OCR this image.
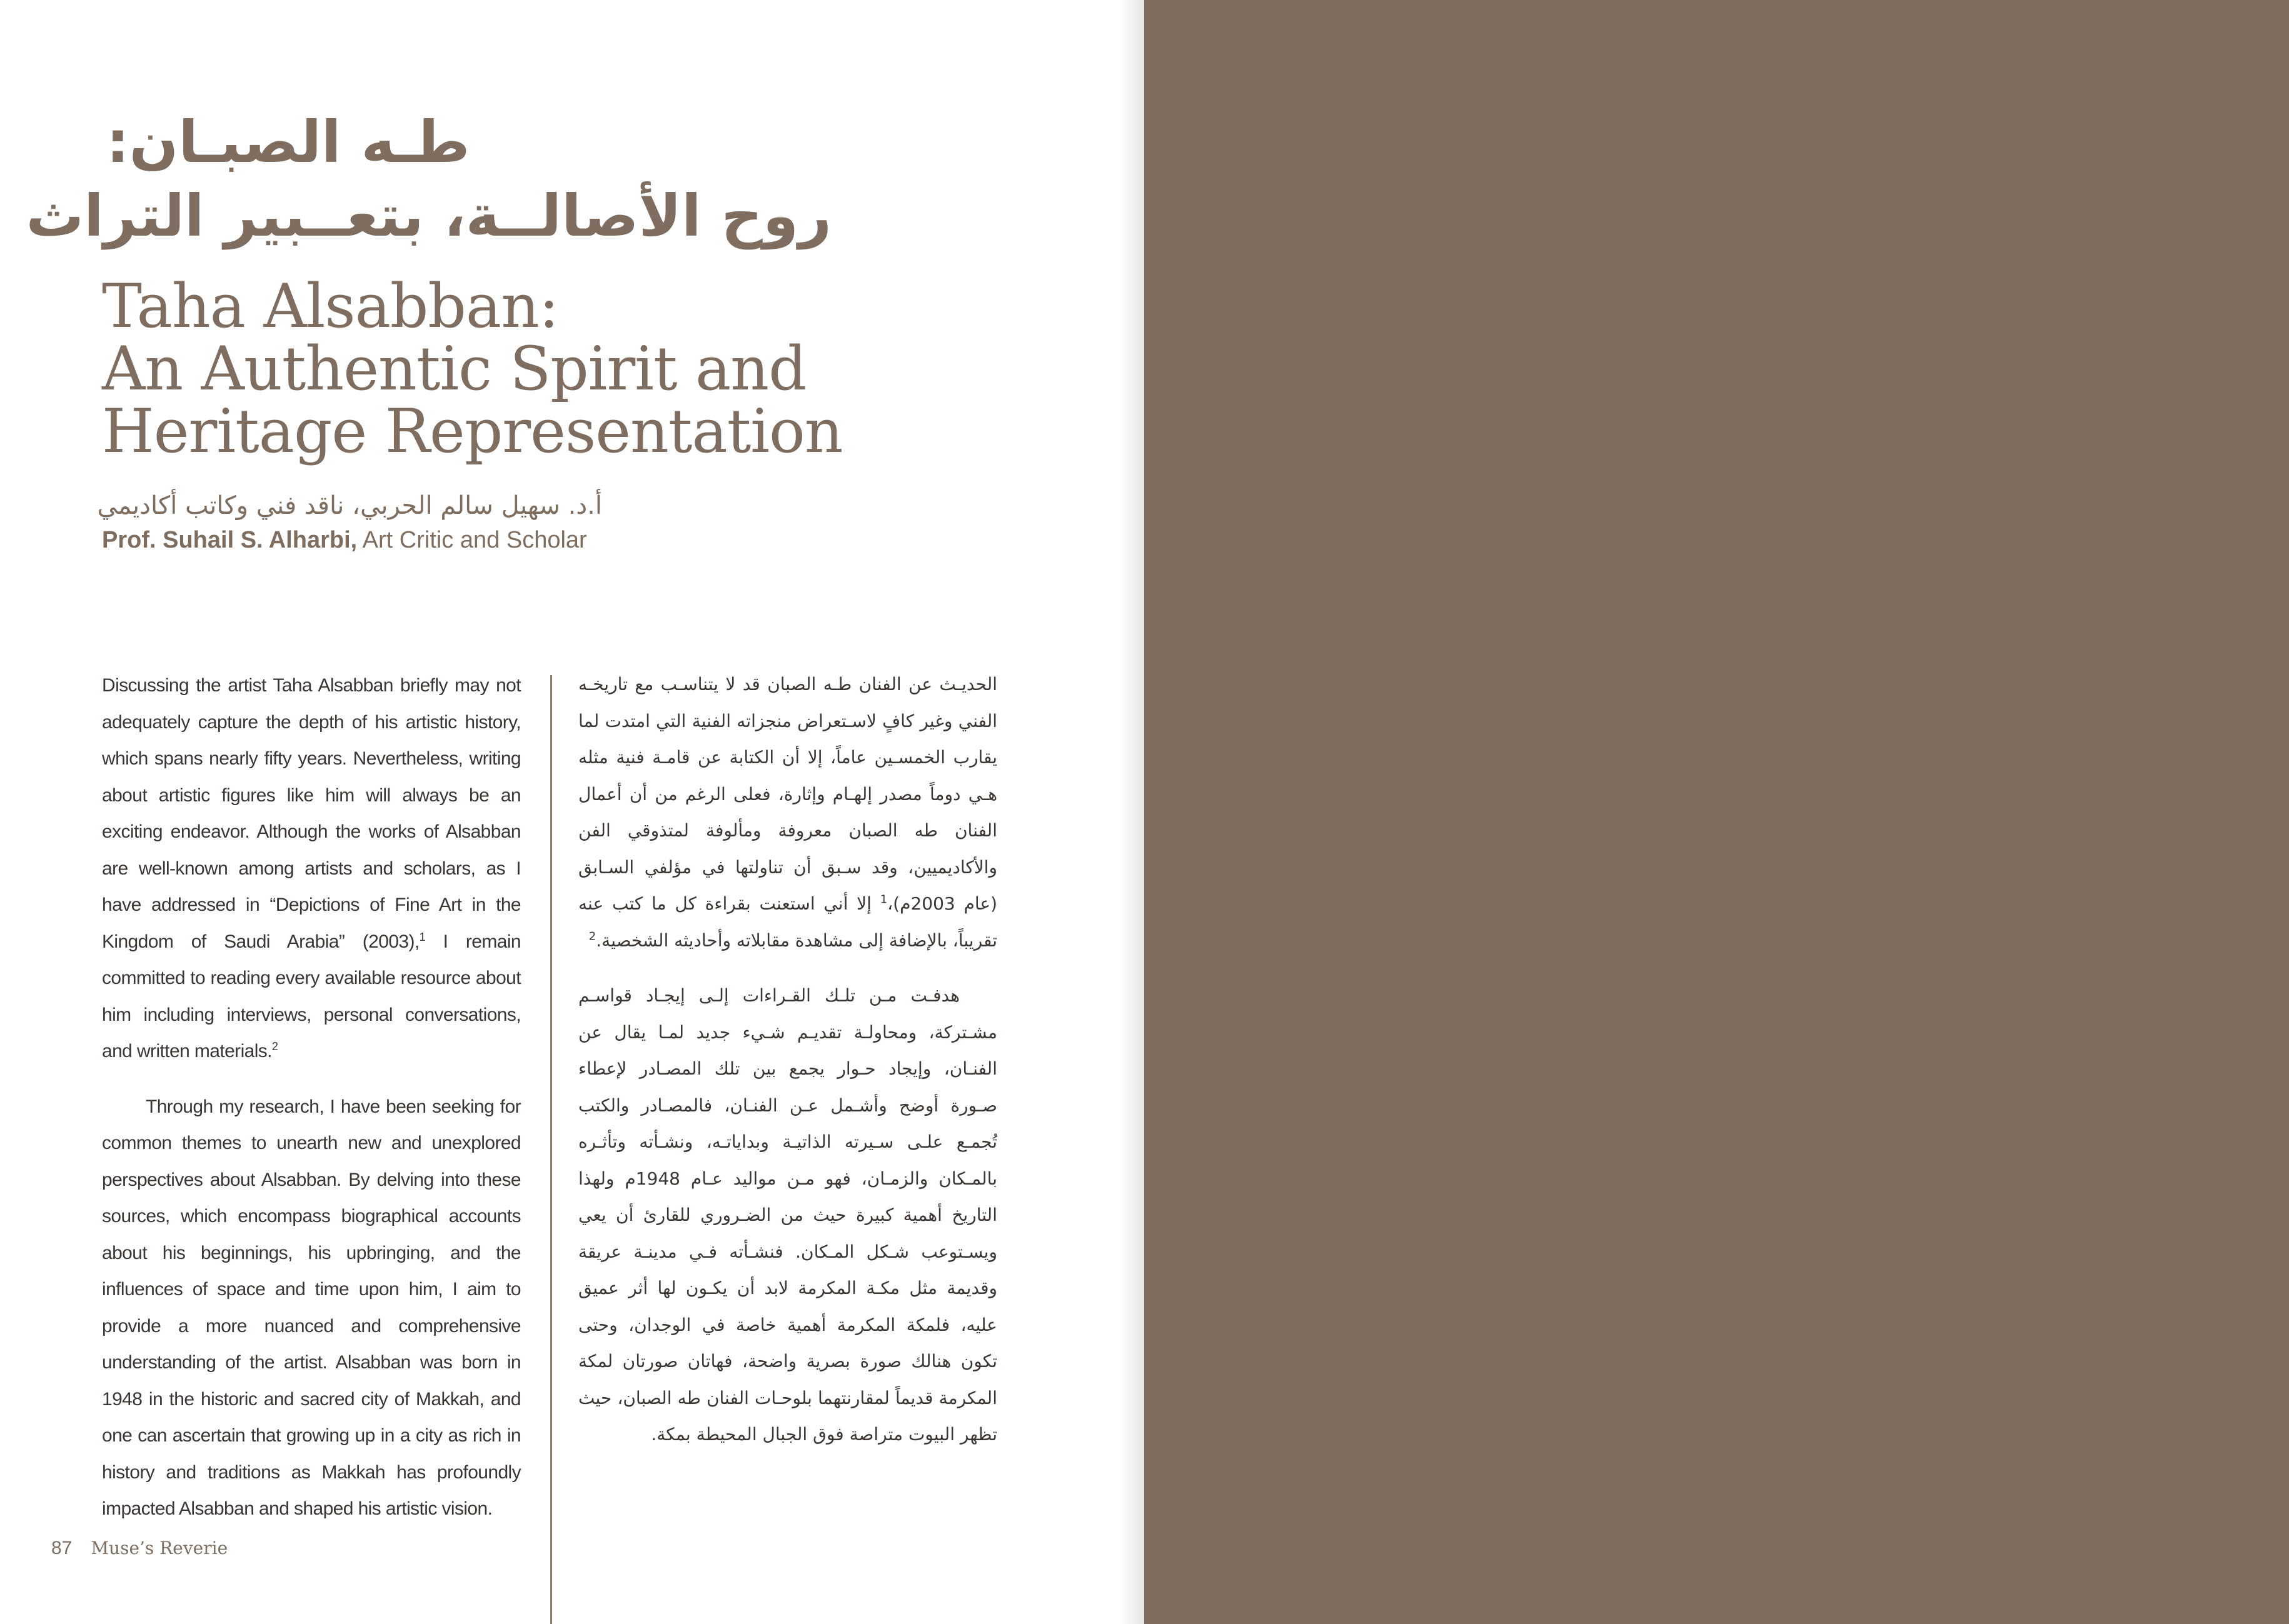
طـه الصبـان:
روح الأصالــة، بتعــبير التراث
Taha Alsabban:
An Authentic Spirit and
Heritage Representation

أ.د. سهيل سالم الحربي، ناقد فني وكاتب أكاديمي

Prof. Suhail S. Alharbi, Art Critic and Scholar

Discussing the artist Taha Alsabban briefly may not adequately capture the depth of his artistic history, which spans nearly fifty years. Nevertheless, writing about artistic figures like him will always be an exciting endeavor. Although the works of Alsabban are well-known among artists and scholars, as I have addressed in “Depictions of Fine Art in the Kingdom of Saudi Arabia” (2003),$^1$ I remain committed to reading every available resource about him including interviews, personal conversations, and written materials.$^2$

Through my research, I have been seeking for common themes to unearth new and unexplored perspectives about Alsabban. By delving into these sources, which encompass biographical accounts about his beginnings, his upbringing, and the influences of space and time upon him, I aim to provide a more nuanced and comprehensive understanding of the artist. Alsabban was born in 1948 in the historic and sacred city of Makkah, and one can ascertain that growing up in a city as rich in history and traditions as Makkah has profoundly impacted Alsabban and shaped his artistic vision.

الحديـث عن الفنان طـه الصبان قد لا يتناسـب مع تاريخـه الفني وغير كافٍ لاسـتعراض منجزاته الفنية التي امتدت لما يقارب الخمسـين عاماً، إلا أن الكتابة عن قامـة فنية مثله هـي دوماً مصدر إلهـام وإثارة، فعلى الرغم من أن أعمال الفنان طه الصبان معروفة ومألوفة لمتذوقي الفن والأكاديميين، وقد سـبق أن تناولتها في مؤلفي السـابق (عام 2003م)،$^1$ إلا أني استعنت بقراءة كل ما كتب عنه تقريباً، بالإضافة إلى مشاهدة مقابلاته وأحاديثه الشخصية.$^2$

هدفـت مـن تلـك القـراءات إلـى إيجـاد قواسـم مشـتركة، ومحاولـة تقديـم شـيء جديد لمـا يقال عن الفنـان، وإيجاد حـوار يجمع بين تلك المصـادر لإعطاء صـورة أوضح وأشـمل عـن الفنـان، فالمصـادر والكتب تُجمـع علـى سـيرته الذاتيـة وبداياتـه، ونشـأته وتأثـره بالمـكان والزمـان، فهو مـن مواليد عـام 1948م ولهذا التاريخ أهمية كبيرة حيث من الضـروري للقارئ أن يعي ويسـتوعب شـكل المـكان. فنشـأته فـي مدينـة عريقة وقديمة مثل مكـة المكرمة لابد أن يكـون لها أثر عميق عليه، فلمكة المكرمة أهمية خاصة في الوجدان، وحتى تكون هنالك صورة بصرية واضحة، فهاتان صورتان لمكة المكرمة قديماً لمقارنتهما بلوحـات الفنان طه الصبان، حيث تظهر البيوت متراصة فوق الجبال المحيطة بمكة.

87 Muse’s Reverie
